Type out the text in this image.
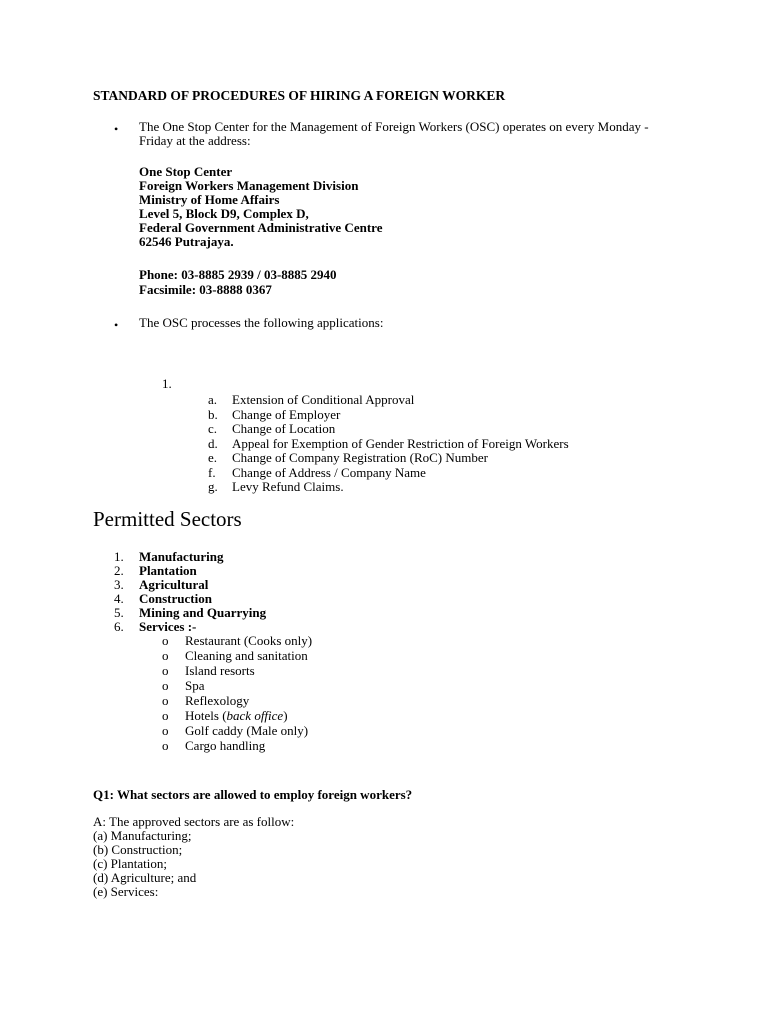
STANDARD OF PROCEDURES OF HIRING A FOREIGN WORKER
• The One Stop Center for the Management of Foreign Workers (OSC) operates on every Monday -
Friday at the address:
One Stop Center
Foreign Workers Management Division
Ministry of Home Affairs
Level 5, Block D9, Complex D,
Federal Government Administrative Centre
62546 Putrajaya.
Phone: 03-8885 2939 / 03-8885 2940
Facsimile: 03-8888 0367
• The OSC processes the following applications:
1.
a.	Extension of Conditional Approval
b.	Change of Employer
c.	Change of Location
d.	Appeal for Exemption of Gender Restriction of Foreign Workers
e.	Change of Company Registration (RoC) Number
f.	Change of Address / Company Name
g.	Levy Refund Claims.
Permitted Sectors
1.	Manufacturing
2.	Plantation
3.	Agricultural
4.	Construction
5.	Mining and Quarrying
6.	Services :-
o Restaurant (Cooks only)
o Cleaning and sanitation
o Island resorts
o Spa
o Reflexology
o Hotels (back office)
o Golf caddy (Male only)
o Cargo handling
Q1: What sectors are allowed to employ foreign workers?
A: The approved sectors are as follow:
(a) Manufacturing;
(b) Construction;
(c) Plantation;
(d) Agriculture; and
(e) Services:
